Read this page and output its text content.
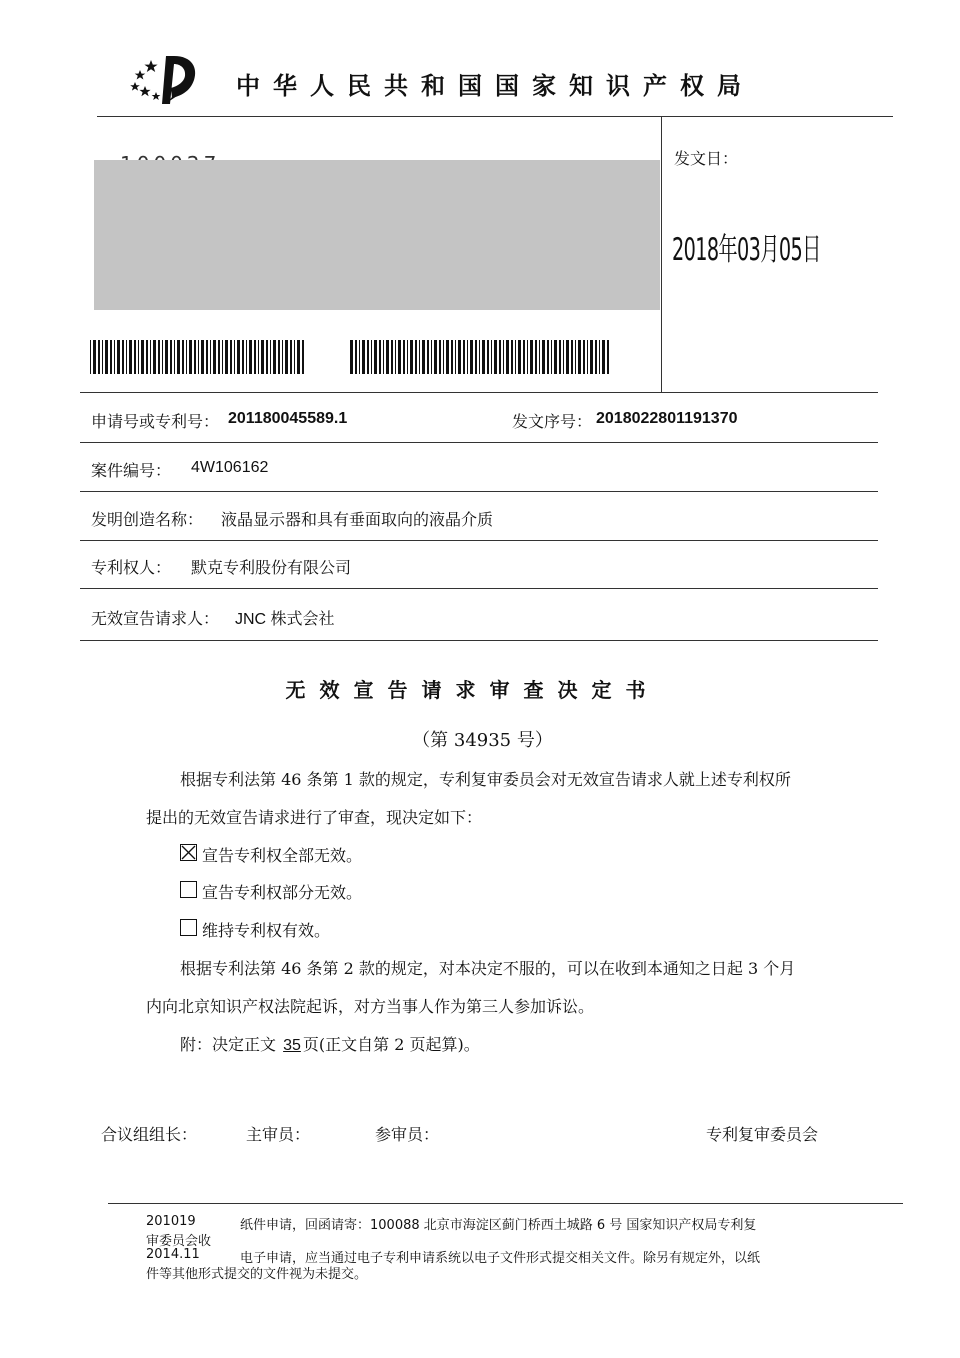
中华人民共和国国家知识产权局
发文日：
2018年03月05日
申请号或专利号： 201180045589.1	发文序号： 2018022801191370
案件编号： 4W106162
发明创造名称： 液晶显示器和具有垂面取向的液晶介质
专利权人： 默克专利股份有限公司
无效宣告请求人： JNC 株式会社
无效宣告请求审查决定书
（第 34935 号）
根据专利法第 46 条第 1 款的规定，专利复审委员会对无效宣告请求人就上述专利权所
提出的无效宣告请求进行了审查，现决定如下：
宣告专利权全部无效。
宣告专利权部分无效。
维持专利权有效。
根据专利法第 46 条第 2 款的规定，对本决定不服的，可以在收到本通知之日起 3 个月
内向北京知识产权法院起诉，对方当事人作为第三人参加诉讼。
附：决定正文 35 页(正文自第 2 页起算)。
合议组组长：	主审员：	参审员：	专利复审委员会
201019	纸件申请，回函请寄：100088 北京市海淀区蓟门桥西土城路 6 号 国家知识产权局专利复
审委员会收
2014.11	电子申请，应当通过电子专利申请系统以电子文件形式提交相关文件。除另有规定外，以纸
件等其他形式提交的文件视为未提交。
